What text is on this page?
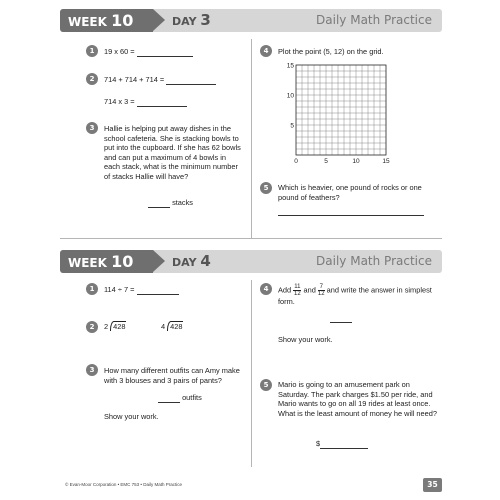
WEEK 10	DAY 3	Daily Math Practice
1	19 x 60 =
2	714 + 714 + 714 =
714 x 3 =
3	Hallie is helping put away dishes in the school cafeteria. She is stacking bowls to put into the cupboard. If she has 62 bowls and can put a maximum of 4 bowls in each stack, what is the minimum number of stacks Hallie will have?
stacks
4	Plot the point (5, 12) on the grid.
15
10
5
0	5	10	15
5	Which is heavier, one pound of rocks or one pound of feathers?
WEEK 10	DAY 4	Daily Math Practice
1	114 ÷ 7 =
2	2 428	4 428
3	How many different outfits can Amy make with 3 blouses and 3 pairs of pants?
outfits
Show your work.
4	Add $\frac{11}{12}$ and $\frac{7}{12}$ and write the answer in simplest form.
Show your work.
5	Mario is going to an amusement park on Saturday. The park charges $1.50 per ride, and Mario wants to go on all 19 rides at least once. What is the least amount of money he will need?
$
© Evan-Moor Corporation • EMC 753 • Daily Math Practice	35
